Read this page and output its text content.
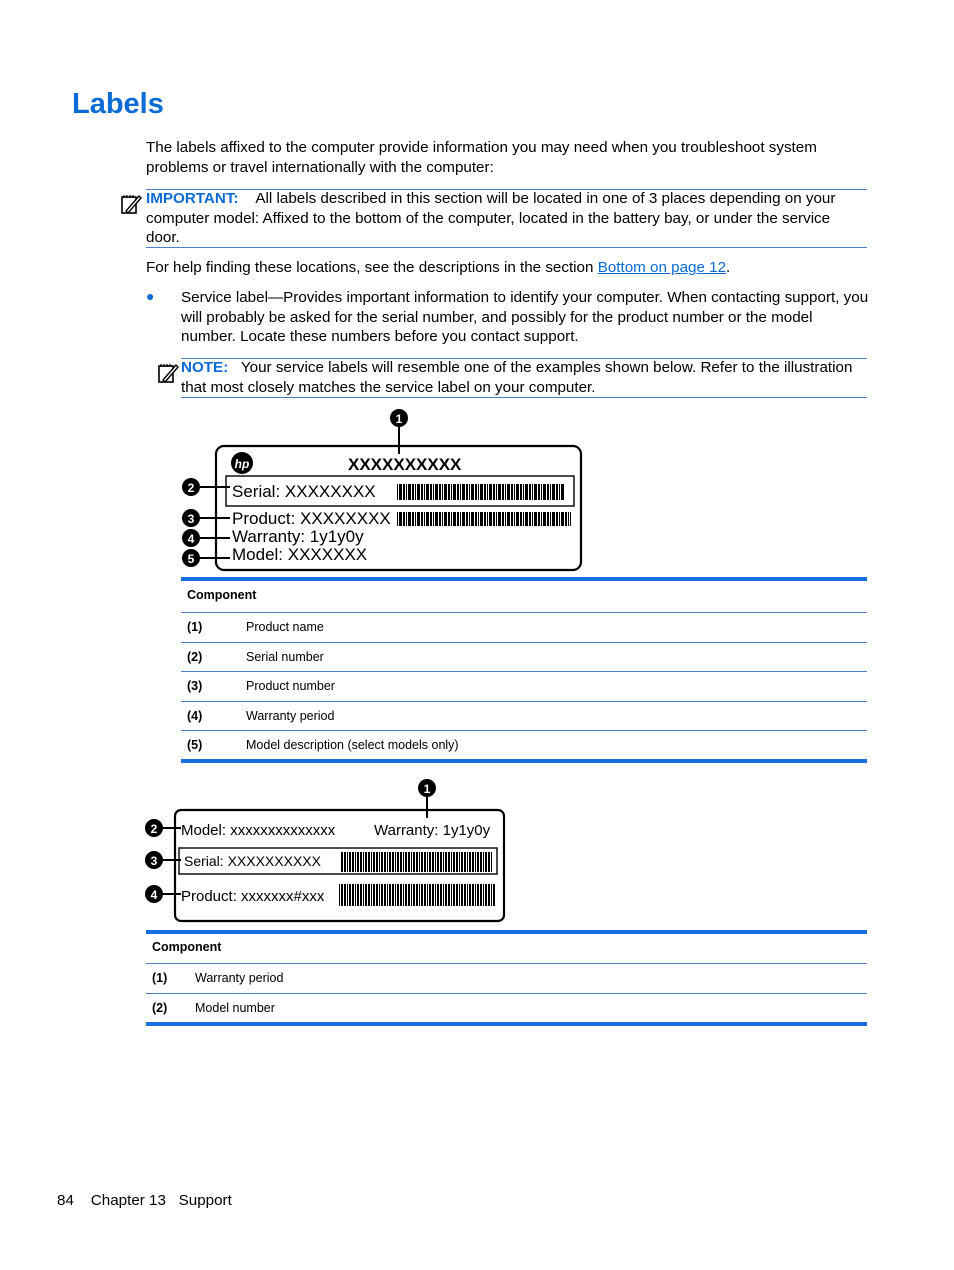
Labels
The labels affixed to the computer provide information you may need when you troubleshoot system problems or travel internationally with the computer:
IMPORTANT: All labels described in this section will be located in one of 3 places depending on your computer model: Affixed to the bottom of the computer, located in the battery bay, or under the service door.
For help finding these locations, see the descriptions in the section Bottom on page 12.
● Service label—Provides important information to identify your computer. When contacting support, you will probably be asked for the serial number, and possibly for the product number or the model number. Locate these numbers before you contact support.
NOTE: Your service labels will resemble one of the examples shown below. Refer to the illustration that most closely matches the service label on your computer.
hp	XXXXXXXXXX
Serial: XXXXXXXX
Product: XXXXXXXX
Warranty: 1y1y0y
Model: XXXXXXX
1
2
3
4
5
Component
(1)	Product name
(2)	Serial number
(3)	Product number
(4)	Warranty period
(5)	Model description (select models only)
Model: xxxxxxxxxxxxxx	Warranty: 1y1y0y
Serial: XXXXXXXXXX
Product: xxxxxxx#xxx
1
2
3
4
Component
(1) Warranty period
(2) Model number
84 Chapter 13 Support
